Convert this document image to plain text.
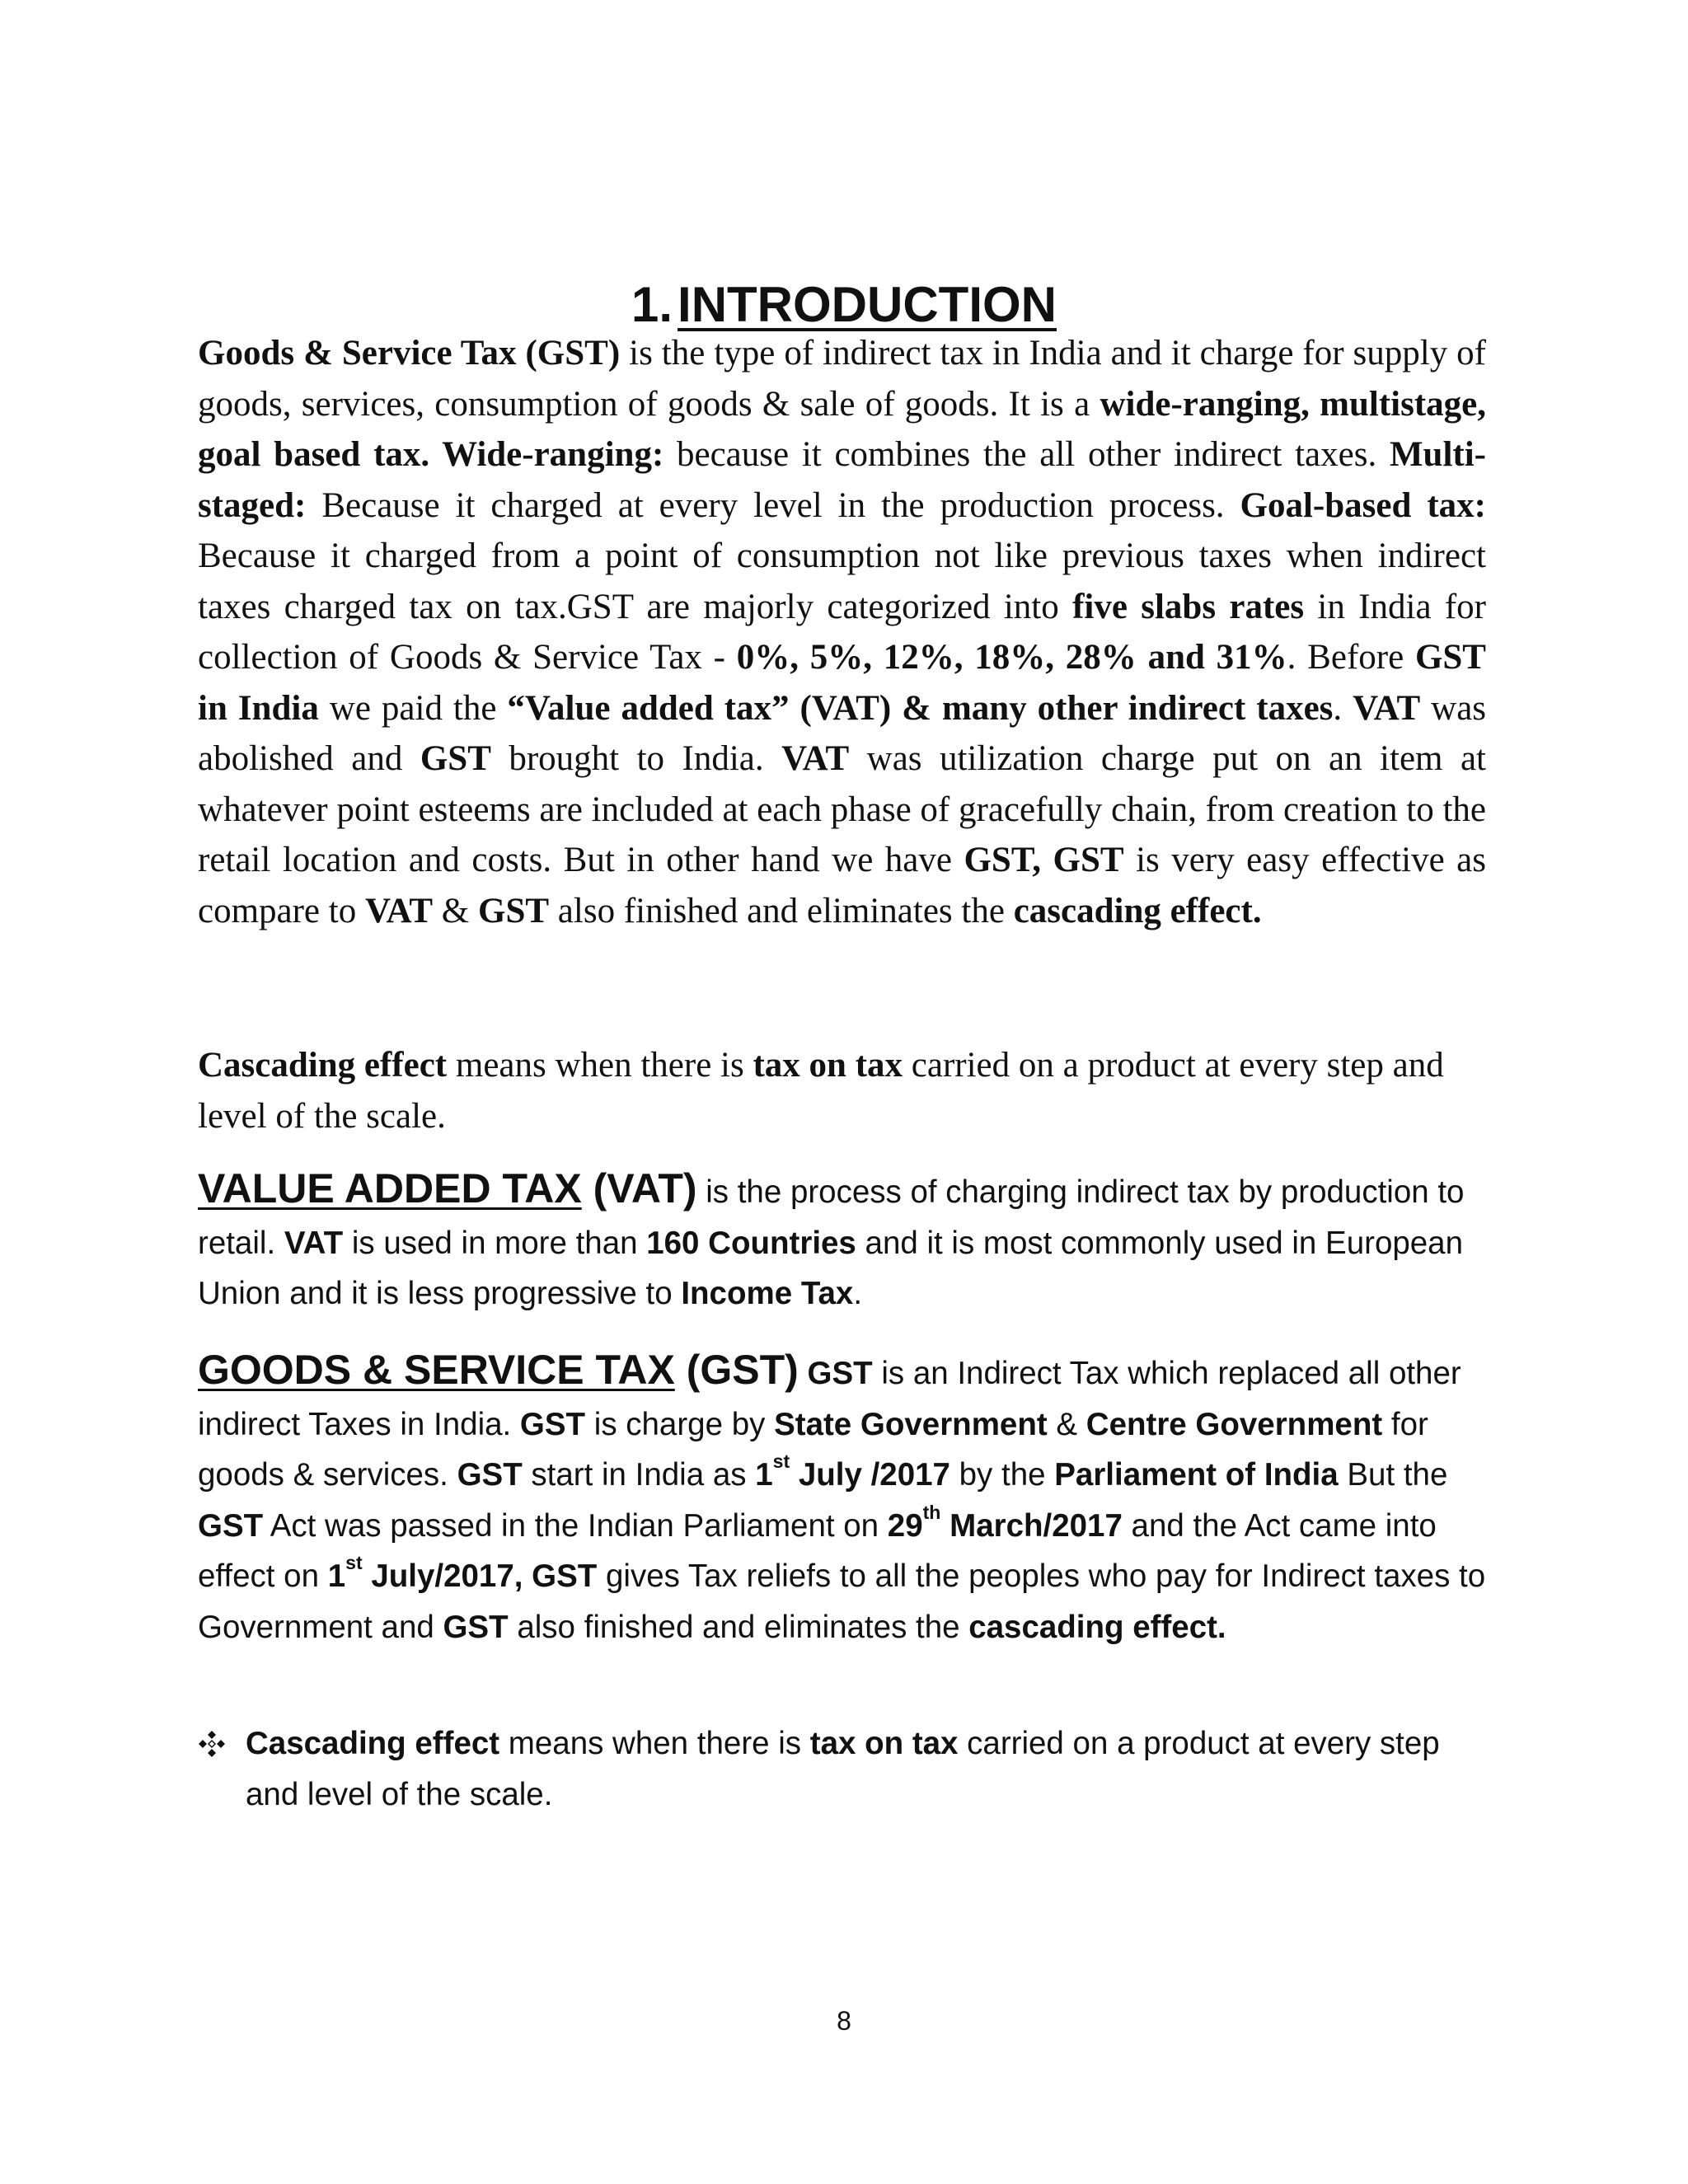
1. INTRODUCTION

Goods & Service Tax (GST) is the type of indirect tax in India and it charge for supply of goods, services, consumption of goods & sale of goods. It is a wide-ranging, multistage, goal based tax. Wide-ranging: because it combines the all other indirect taxes. Multi-staged: Because it charged at every level in the production process. Goal-based tax: Because it charged from a point of consumption not like previous taxes when indirect taxes charged tax on tax.GST are majorly categorized into five slabs rates in India for collection of Goods & Service Tax - 0%, 5%, 12%, 18%, 28% and 31%. Before GST in India we paid the “Value added tax” (VAT) & many other indirect taxes. VAT was abolished and GST brought to India. VAT was utilization charge put on an item at whatever point esteems are included at each phase of gracefully chain, from creation to the retail location and costs. But in other hand we have GST, GST is very easy effective as compare to VAT & GST also finished and eliminates the cascading effect.

Cascading effect means when there is tax on tax carried on a product at every step and level of the scale.

VALUE ADDED TAX (VAT) is the process of charging indirect tax by production to retail. VAT is used in more than 160 Countries and it is most commonly used in European Union and it is less progressive to Income Tax.

GOODS & SERVICE TAX (GST) GST is an Indirect Tax which replaced all other indirect Taxes in India. GST is charge by State Government & Centre Government for goods & services. GST start in India as 1st July /2017 by the Parliament of India But the GST Act was passed in the Indian Parliament on 29th March/2017 and the Act came into effect on 1st July/2017, GST gives Tax reliefs to all the peoples who pay for Indirect taxes to Government and GST also finished and eliminates the cascading effect.

Cascading effect means when there is tax on tax carried on a product at every step and level of the scale.

8
